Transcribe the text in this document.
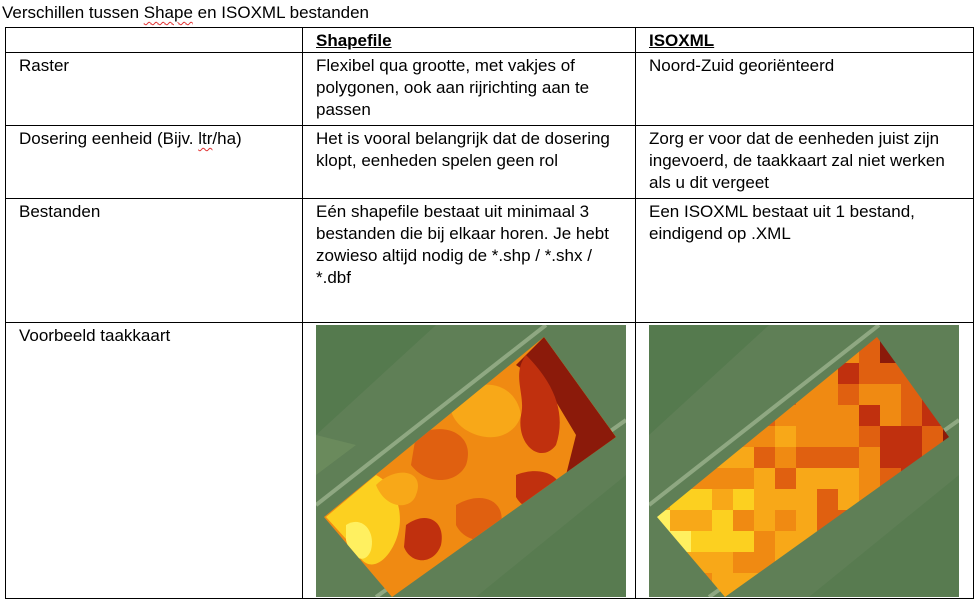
Verschillen tussen Shape en ISOXML bestanden
	Shapefile	ISOXML
Raster	Flexibel qua grootte, met vakjes of polygonen, ook aan rijrichting aan te passen	Noord-Zuid georiënteerd
Dosering eenheid (Bijv. ltr/ha)	Het is vooral belangrijk dat de dosering klopt, eenheden spelen geen rol	Zorg er voor dat de eenheden juist zijn ingevoerd, de taakkaart zal niet werken als u dit vergeet
Bestanden	Eén shapefile bestaat uit minimaal 3 bestanden die bij elkaar horen. Je hebt zowieso altijd nodig de *.shp / *.shx / *.dbf	Een ISOXML bestaat uit 1 bestand, eindigend op .XML
Voorbeeld taakkaart	
